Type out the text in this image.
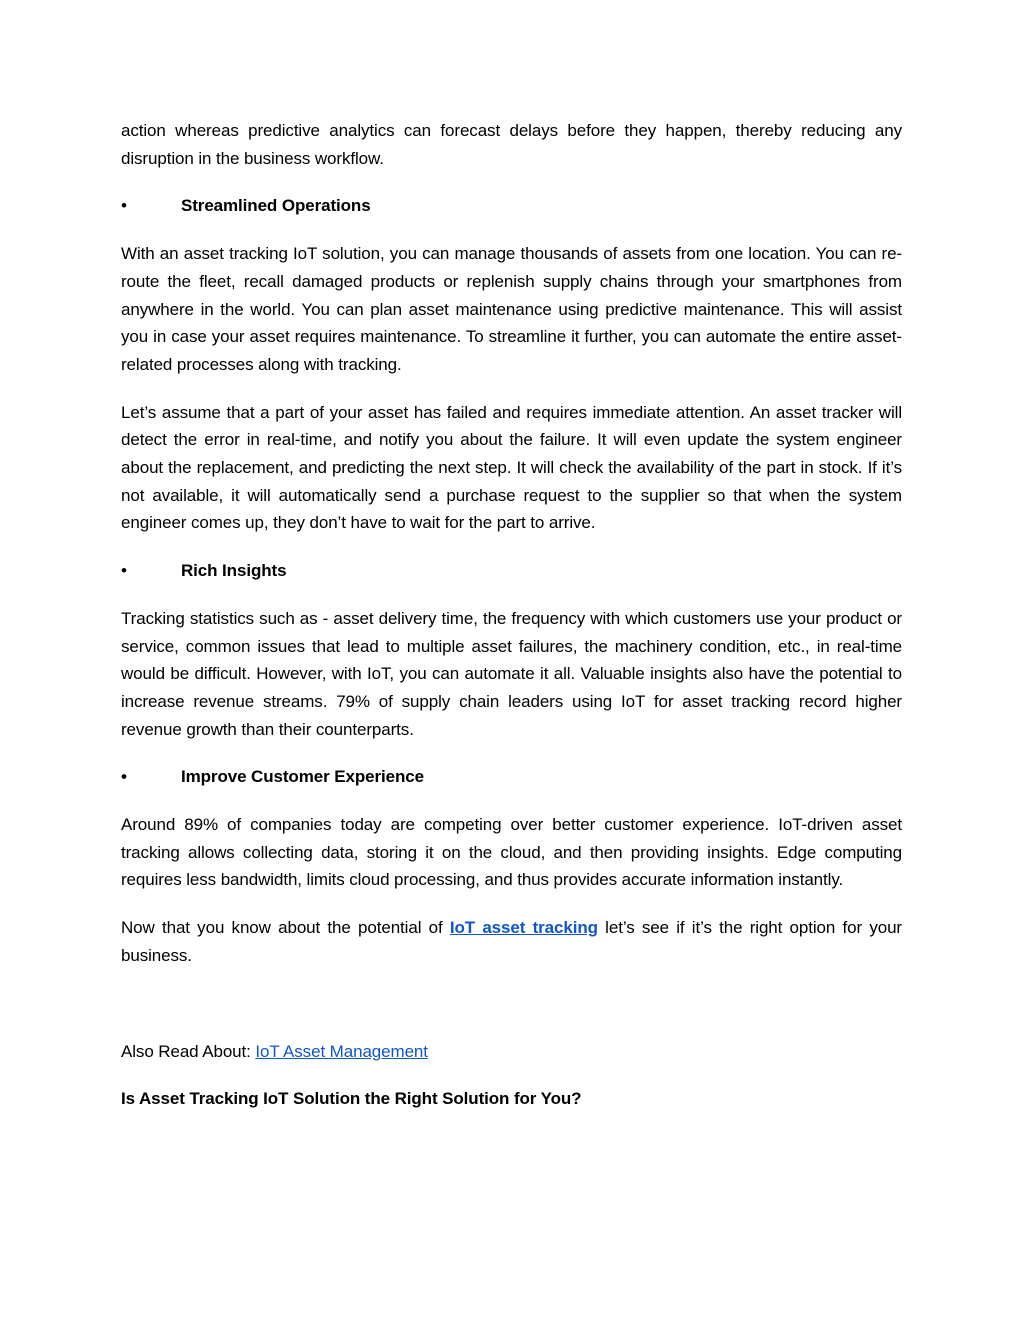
action whereas predictive analytics can forecast delays before they happen, thereby reducing any disruption in the business workflow.

•	Streamlined Operations

With an asset tracking IoT solution, you can manage thousands of assets from one location. You can re-route the fleet, recall damaged products or replenish supply chains through your smartphones from anywhere in the world. You can plan asset maintenance using predictive maintenance. This will assist you in case your asset requires maintenance. To streamline it further, you can automate the entire asset-related processes along with tracking.

Let’s assume that a part of your asset has failed and requires immediate attention. An asset tracker will detect the error in real-time, and notify you about the failure. It will even update the system engineer about the replacement, and predicting the next step. It will check the availability of the part in stock. If it’s not available, it will automatically send a purchase request to the supplier so that when the system engineer comes up, they don’t have to wait for the part to arrive.

•	Rich Insights

Tracking statistics such as - asset delivery time, the frequency with which customers use your product or service, common issues that lead to multiple asset failures, the machinery condition, etc., in real-time would be difficult. However, with IoT, you can automate it all. Valuable insights also have the potential to increase revenue streams. 79% of supply chain leaders using IoT for asset tracking record higher revenue growth than their counterparts.

•	Improve Customer Experience

Around 89% of companies today are competing over better customer experience. IoT-driven asset tracking allows collecting data, storing it on the cloud, and then providing insights. Edge computing requires less bandwidth, limits cloud processing, and thus provides accurate information instantly.

Now that you know about the potential of IoT asset tracking let’s see if it’s the right option for your business.

Also Read About: IoT Asset Management

Is Asset Tracking IoT Solution the Right Solution for You?
